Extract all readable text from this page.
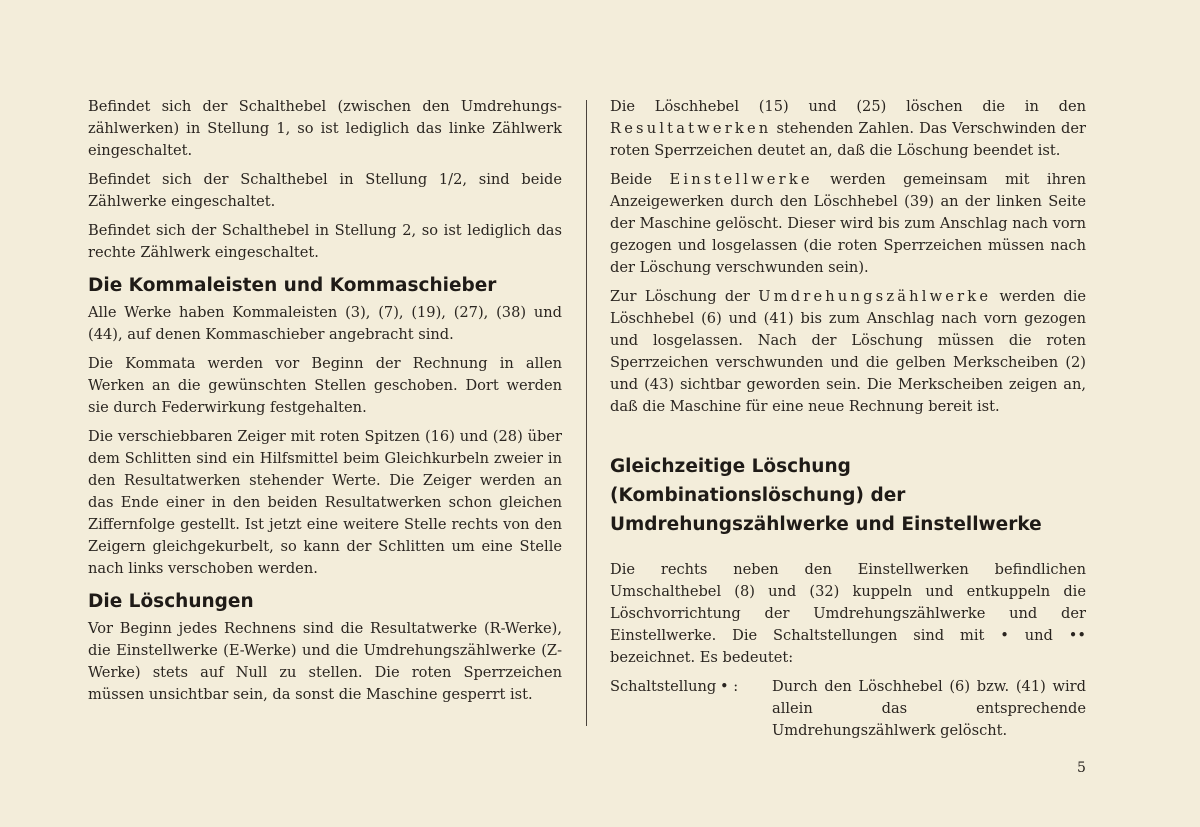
Befindet sich der Schalthebel (zwischen den Umdrehungs-zählwerken) in Stellung 1, so ist lediglich das linke Zählwerk eingeschaltet.

Befindet sich der Schalthebel in Stellung 1/2, sind beide Zählwerke eingeschaltet.

Befindet sich der Schalthebel in Stellung 2, so ist lediglich das rechte Zählwerk eingeschaltet.

Die Kommaleisten und Kommaschieber

Alle Werke haben Kommaleisten (3), (7), (19), (27), (38) und (44), auf denen Kommaschieber angebracht sind.

Die Kommata werden vor Beginn der Rechnung in allen Werken an die gewünschten Stellen geschoben. Dort werden sie durch Federwirkung festgehalten.

Die verschiebbaren Zeiger mit roten Spitzen (16) und (28) über dem Schlitten sind ein Hilfsmittel beim Gleichkurbeln zweier in den Resultatwerken stehender Werte. Die Zeiger werden an das Ende einer in den beiden Resultatwerken schon gleichen Ziffernfolge gestellt. Ist jetzt eine weitere Stelle rechts von den Zeigern gleichgekurbelt, so kann der Schlitten um eine Stelle nach links verschoben werden.

Die Löschungen

Vor Beginn jedes Rechnens sind die Resultatwerke (R-Werke), die Einstellwerke (E-Werke) und die Umdrehungszählwerke (Z-Werke) stets auf Null zu stellen. Die roten Sperrzeichen müssen unsichtbar sein, da sonst die Maschine gesperrt ist.

Die Löschhebel (15) und (25) löschen die in den Resultatwerken stehenden Zahlen. Das Verschwinden der roten Sperrzeichen deutet an, daß die Löschung beendet ist.

Beide Einstellwerke werden gemeinsam mit ihren Anzeigewerken durch den Löschhebel (39) an der linken Seite der Maschine gelöscht. Dieser wird bis zum Anschlag nach vorn gezogen und losgelassen (die roten Sperrzeichen müssen nach der Löschung verschwunden sein).

Zur Löschung der Umdrehungszählwerke werden die Löschhebel (6) und (41) bis zum Anschlag nach vorn gezogen und losgelassen. Nach der Löschung müssen die roten Sperrzeichen verschwunden und die gelben Merkscheiben (2) und (43) sichtbar geworden sein. Die Merkscheiben zeigen an, daß die Maschine für eine neue Rechnung bereit ist.

Gleichzeitige Löschung (Kombinationslöschung) der Umdrehungszählwerke und Einstellwerke

Die rechts neben den Einstellwerken befindlichen Umschalthebel (8) und (32) kuppeln und entkuppeln die Löschvorrichtung der Umdrehungszählwerke und der Einstellwerke. Die Schaltstellungen sind mit • und •• bezeichnet. Es bedeutet:

Schaltstellung • :	Durch den Löschhebel (6) bzw. (41) wird allein das entsprechende Umdrehungszählwerk gelöscht.
5
